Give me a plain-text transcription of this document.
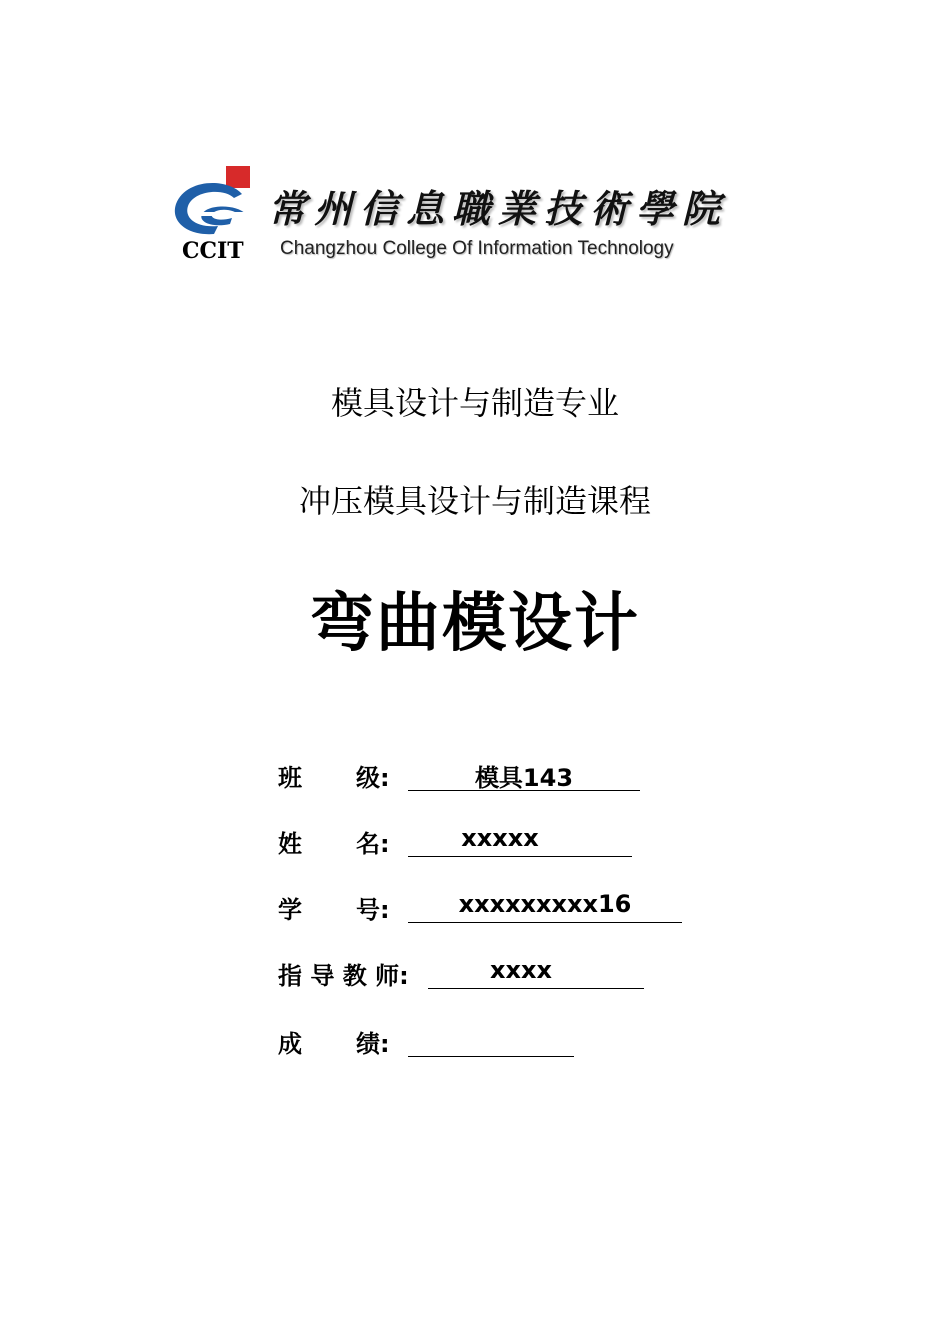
CCIT
常州信息職業技術學院
Changzhou College Of Information Technology
模具设计与制造专业
冲压模具设计与制造课程
弯曲模设计
班 级:	模具143
姓 名:	xxxxx
学 号:	xxxxxxxxx16
指 导 教 师:	xxxx
成 绩:
